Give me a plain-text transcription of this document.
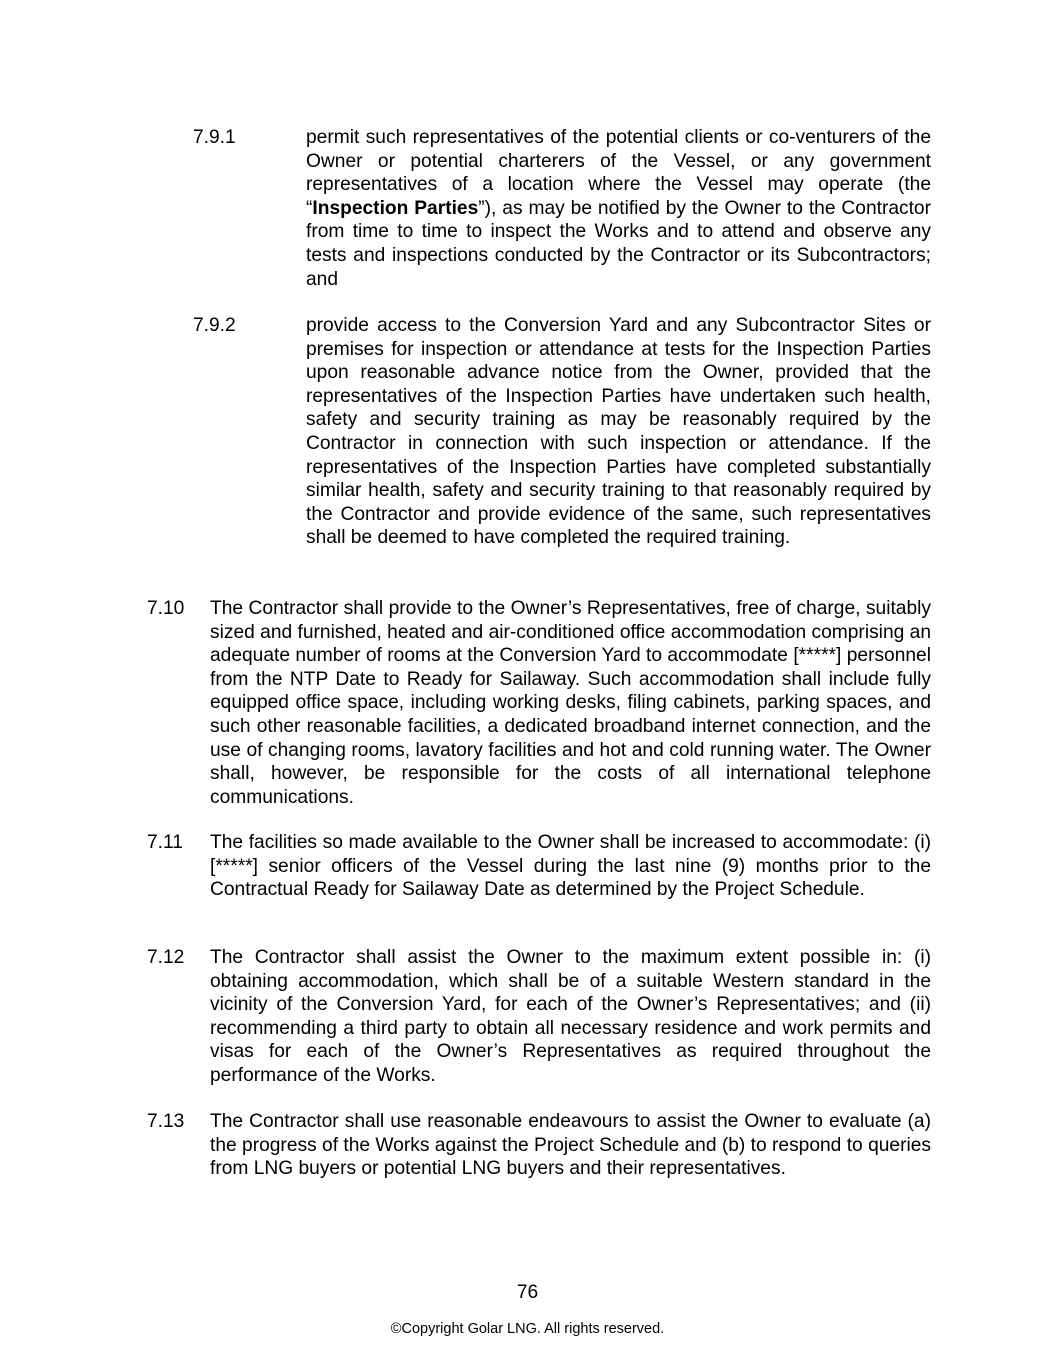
7.9.1	permit such representatives of the potential clients or co-venturers of the Owner or potential charterers of the Vessel, or any government representatives of a location where the Vessel may operate (the “Inspection Parties”), as may be notified by the Owner to the Contractor from time to time to inspect the Works and to attend and observe any tests and inspections conducted by the Contractor or its Subcontractors; and
7.9.2	provide access to the Conversion Yard and any Subcontractor Sites or premises for inspection or attendance at tests for the Inspection Parties upon reasonable advance notice from the Owner, provided that the representatives of the Inspection Parties have undertaken such health, safety and security training as may be reasonably required by the Contractor in connection with such inspection or attendance. If the representatives of the Inspection Parties have completed substantially similar health, safety and security training to that reasonably required by the Contractor and provide evidence of the same, such representatives shall be deemed to have completed the required training.
7.10 The Contractor shall provide to the Owner’s Representatives, free of charge, suitably sized and furnished, heated and air-conditioned office accommodation comprising an adequate number of rooms at the Conversion Yard to accommodate [*****] personnel from the NTP Date to Ready for Sailaway. Such accommodation shall include fully equipped office space, including working desks, filing cabinets, parking spaces, and such other reasonable facilities, a dedicated broadband internet connection, and the use of changing rooms, lavatory facilities and hot and cold running water. The Owner shall, however, be responsible for the costs of all international telephone communications.
7.11 The facilities so made available to the Owner shall be increased to accommodate: (i) [*****] senior officers of the Vessel during the last nine (9) months prior to the Contractual Ready for Sailaway Date as determined by the Project Schedule.
7.12 The Contractor shall assist the Owner to the maximum extent possible in: (i) obtaining accommodation, which shall be of a suitable Western standard in the vicinity of the Conversion Yard, for each of the Owner’s Representatives; and (ii) recommending a third party to obtain all necessary residence and work permits and visas for each of the Owner’s Representatives as required throughout the performance of the Works.
7.13 The Contractor shall use reasonable endeavours to assist the Owner to evaluate (a) the progress of the Works against the Project Schedule and (b) to respond to queries from LNG buyers or potential LNG buyers and their representatives.
76
©Copyright Golar LNG. All rights reserved.
